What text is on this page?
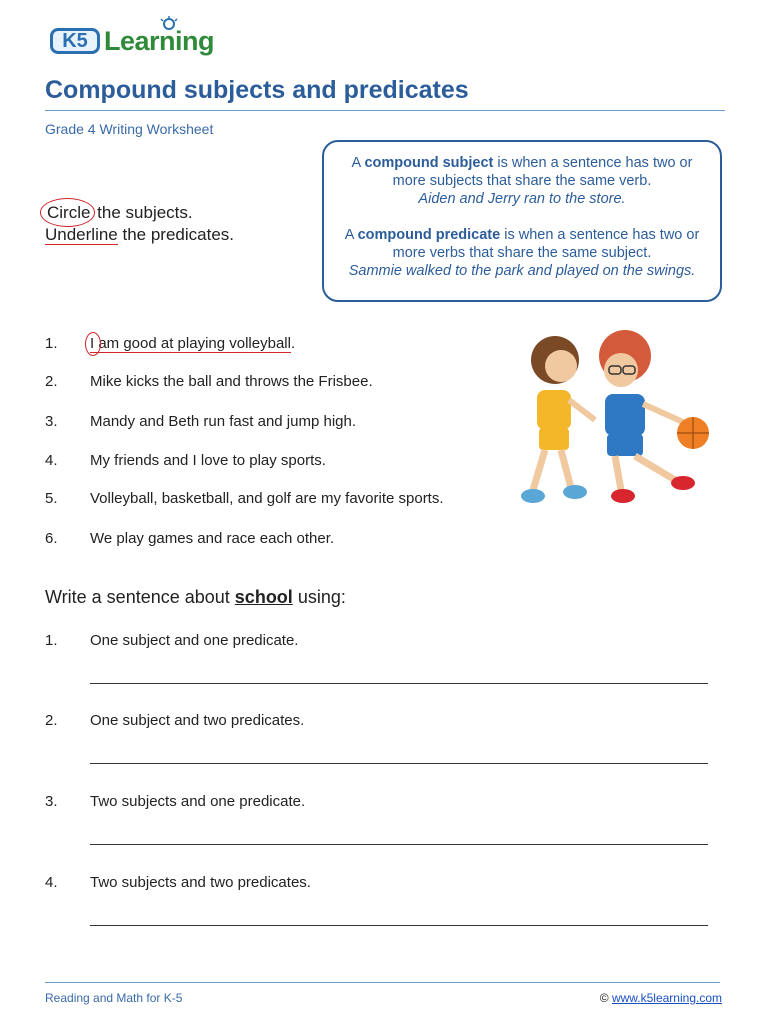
K5 Learning
Compound subjects and predicates
Grade 4 Writing Worksheet
Circle the subjects.
Underline the predicates.

A compound subject is when a sentence has two or more subjects that share the same verb.

Aiden and Jerry ran to the store.

A compound predicate is when a sentence has two or more verbs that share the same subject.

Sammie walked to the park and played on the swings.

1.	I am good at playing volleyball.
2.	Mike kicks the ball and throws the Frisbee.
3.	Mandy and Beth run fast and jump high.
4.	My friends and I love to play sports.
5.	Volleyball, basketball, and golf are my favorite sports.
6.	We play games and race each other.
Write a sentence about school using:
1.	One subject and one predicate.
2.	One subject and two predicates.
3.	Two subjects and one predicate.
4.	Two subjects and two predicates.
Reading and Math for K-5	© www.k5learning.com
